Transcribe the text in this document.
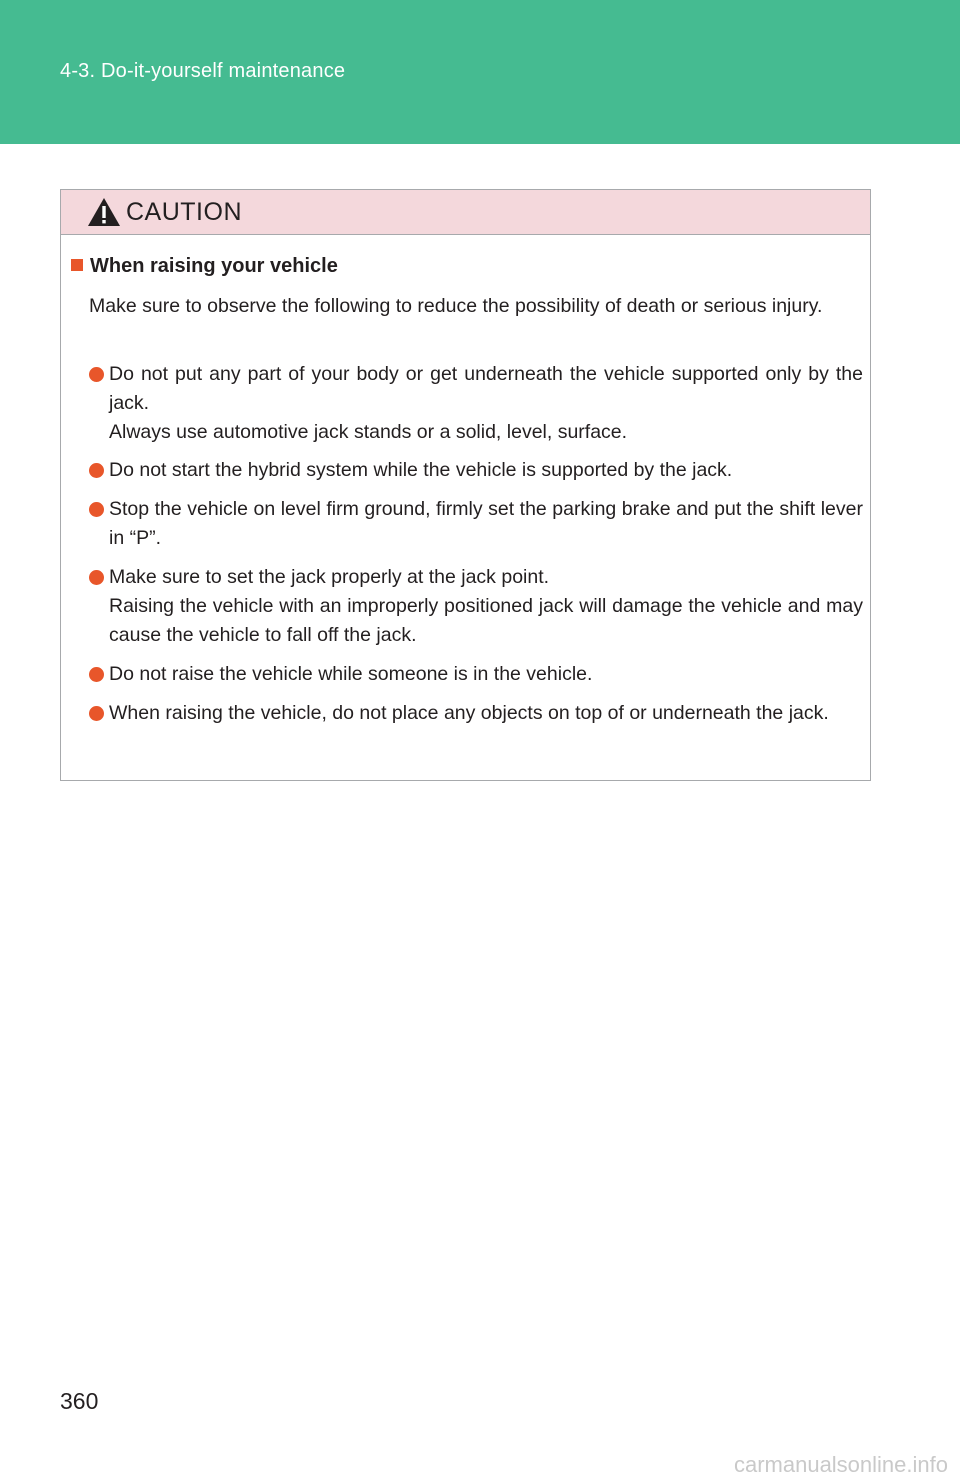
4-3. Do-it-yourself maintenance
CAUTION
When raising your vehicle
Make sure to observe the following to reduce the possibility of death or serious injury.
Do not put any part of your body or get underneath the vehicle supported only by the jack.
Always use automotive jack stands or a solid, level, surface.
Do not start the hybrid system while the vehicle is supported by the jack.
Stop the vehicle on level firm ground, firmly set the parking brake and put the shift lever in “P”.
Make sure to set the jack properly at the jack point.
Raising the vehicle with an improperly positioned jack will damage the vehicle and may cause the vehicle to fall off the jack.
Do not raise the vehicle while someone is in the vehicle.
When raising the vehicle, do not place any objects on top of or underneath the jack.
360
carmanualsonline.info
